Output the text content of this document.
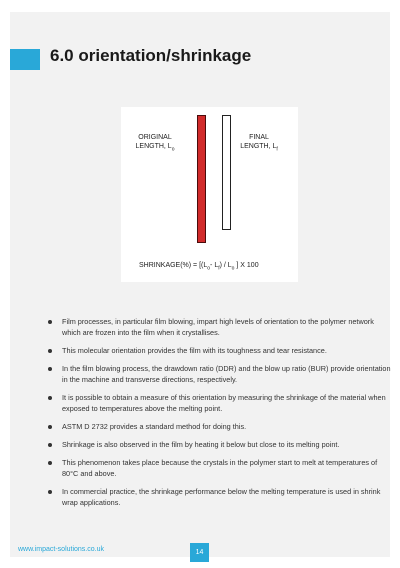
6.0 orientation/shrinkage
ORIGINAL
LENGTH, $L_o$
FINAL
LENGTH, $L_f$
SHRINKAGE(%) = [($L_o-$ $L_f) / L_o$ ] X 100
Film processes, in particular film blowing, impart high levels of orientation to the polymer network which are frozen into the film when it crystallises.
This molecular orientation provides the film with its toughness and tear resistance.
In the film blowing process, the drawdown ratio (DDR) and the blow up ratio (BUR) provide orientation in the machine and transverse directions, respectively.
It is possible to obtain a measure of this orientation by measuring the shrinkage of the material when exposed to temperatures above the melting point.
ASTM D 2732 provides a standard method for doing this.
Shrinkage is also observed in the film by heating it below but close to its melting point.
This phenomenon takes place because the crystals in the polymer start to melt at temperatures of 80°C and above.
In commercial practice, the shrinkage performance below the melting temperature is used in shrink wrap applications.
www.impact-solutions.co.uk	14
